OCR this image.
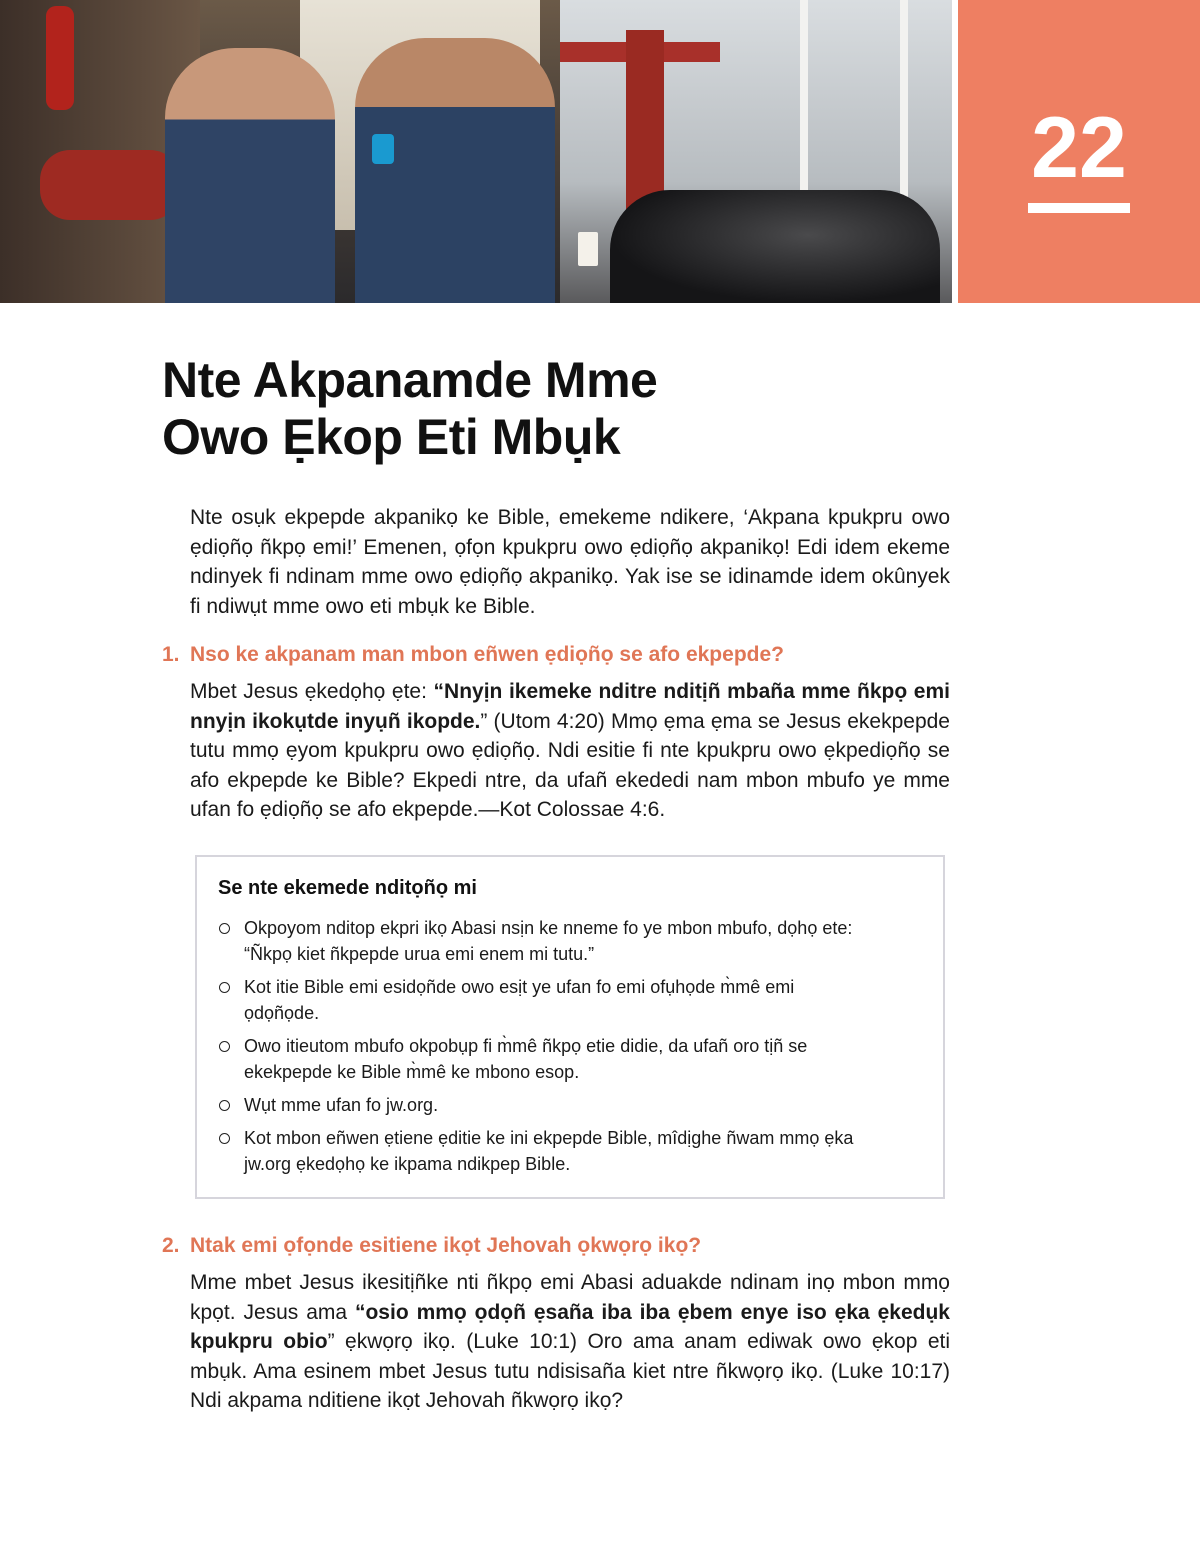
22
Nte Akpanamde Mme
Owo Ẹkop Eti Mbụk

Nte osụk ekpepde akpanikọ ke Bible, emekeme ndikere, ‘Akpana kpukpru owo ẹdiọñọ ñkpọ emi!’ Emenen, ọfọn kpukpru owo ẹdiọñọ akpanikọ! Edi idem ekeme ndinyek fi ndinam mme owo ẹdiọñọ akpanikọ. Yak ise se idinamde idem okûnyek fi ndiwụt mme owo eti mbụk ke Bible.

1. Nso ke akpanam man mbon eñwen ẹdiọñọ se afo ekpepde?

Mbet Jesus ẹkedọhọ ẹte: “Nnyịn ikemeke nditre nditịñ mbaña mme ñkpọ emi nnyịn ikokụtde inyụñ ikopde.” (Utom 4:20) Mmọ ẹma ẹma se Jesus ekekpepde tutu mmọ ẹyom kpukpru owo ẹdiọñọ. Ndi esitie fi nte kpukpru owo ẹkpediọñọ se afo ekpepde ke Bible? Ekpedi ntre, da ufañ ekededi nam mbon mbufo ye mme ufan fo ẹdiọñọ se afo ekpepde.—Kot Colossae 4:6.

Se nte ekemede nditọñọ mi
Okpoyom nditop ekpri ikọ Abasi nsịn ke nneme fo ye mbon mbufo, dọhọ ete: “Ñkpọ kiet ñkpepde urua emi enem mi tutu.”
Kot itie Bible emi esidọñde owo esịt ye ufan fo emi ofụhọde m̀mê emi ọdọñọde.
Owo itieutom mbufo okpobụp fi m̀mê ñkpọ etie didie, da ufañ oro tịñ se ekekpepde ke Bible m̀mê ke mbono esop.
Wụt mme ufan fo jw.org.
Kot mbon eñwen ẹtiene ẹditie ke ini ekpepde Bible, mîdịghe ñwam mmọ ẹka jw.org ẹkedọhọ ke ikpama ndikpep Bible.
2. Ntak emi ọfọnde esitiene ikọt Jehovah ọkwọrọ ikọ?

Mme mbet Jesus ikesitịñke nti ñkpọ emi Abasi aduakde ndinam inọ mbon mmọ kpọt. Jesus ama “osio mmọ ọdọñ ẹsaña iba iba ẹbem enye iso ẹka ẹkedụk kpukpru obio” ẹkwọrọ ikọ. (Luke 10:1) Oro ama anam ediwak owo ẹkop eti mbụk. Ama esinem mbet Jesus tutu ndisisaña kiet ntre ñkwọrọ ikọ. (Luke 10:17) Ndi akpama nditiene ikọt Jehovah ñkwọrọ ikọ?
